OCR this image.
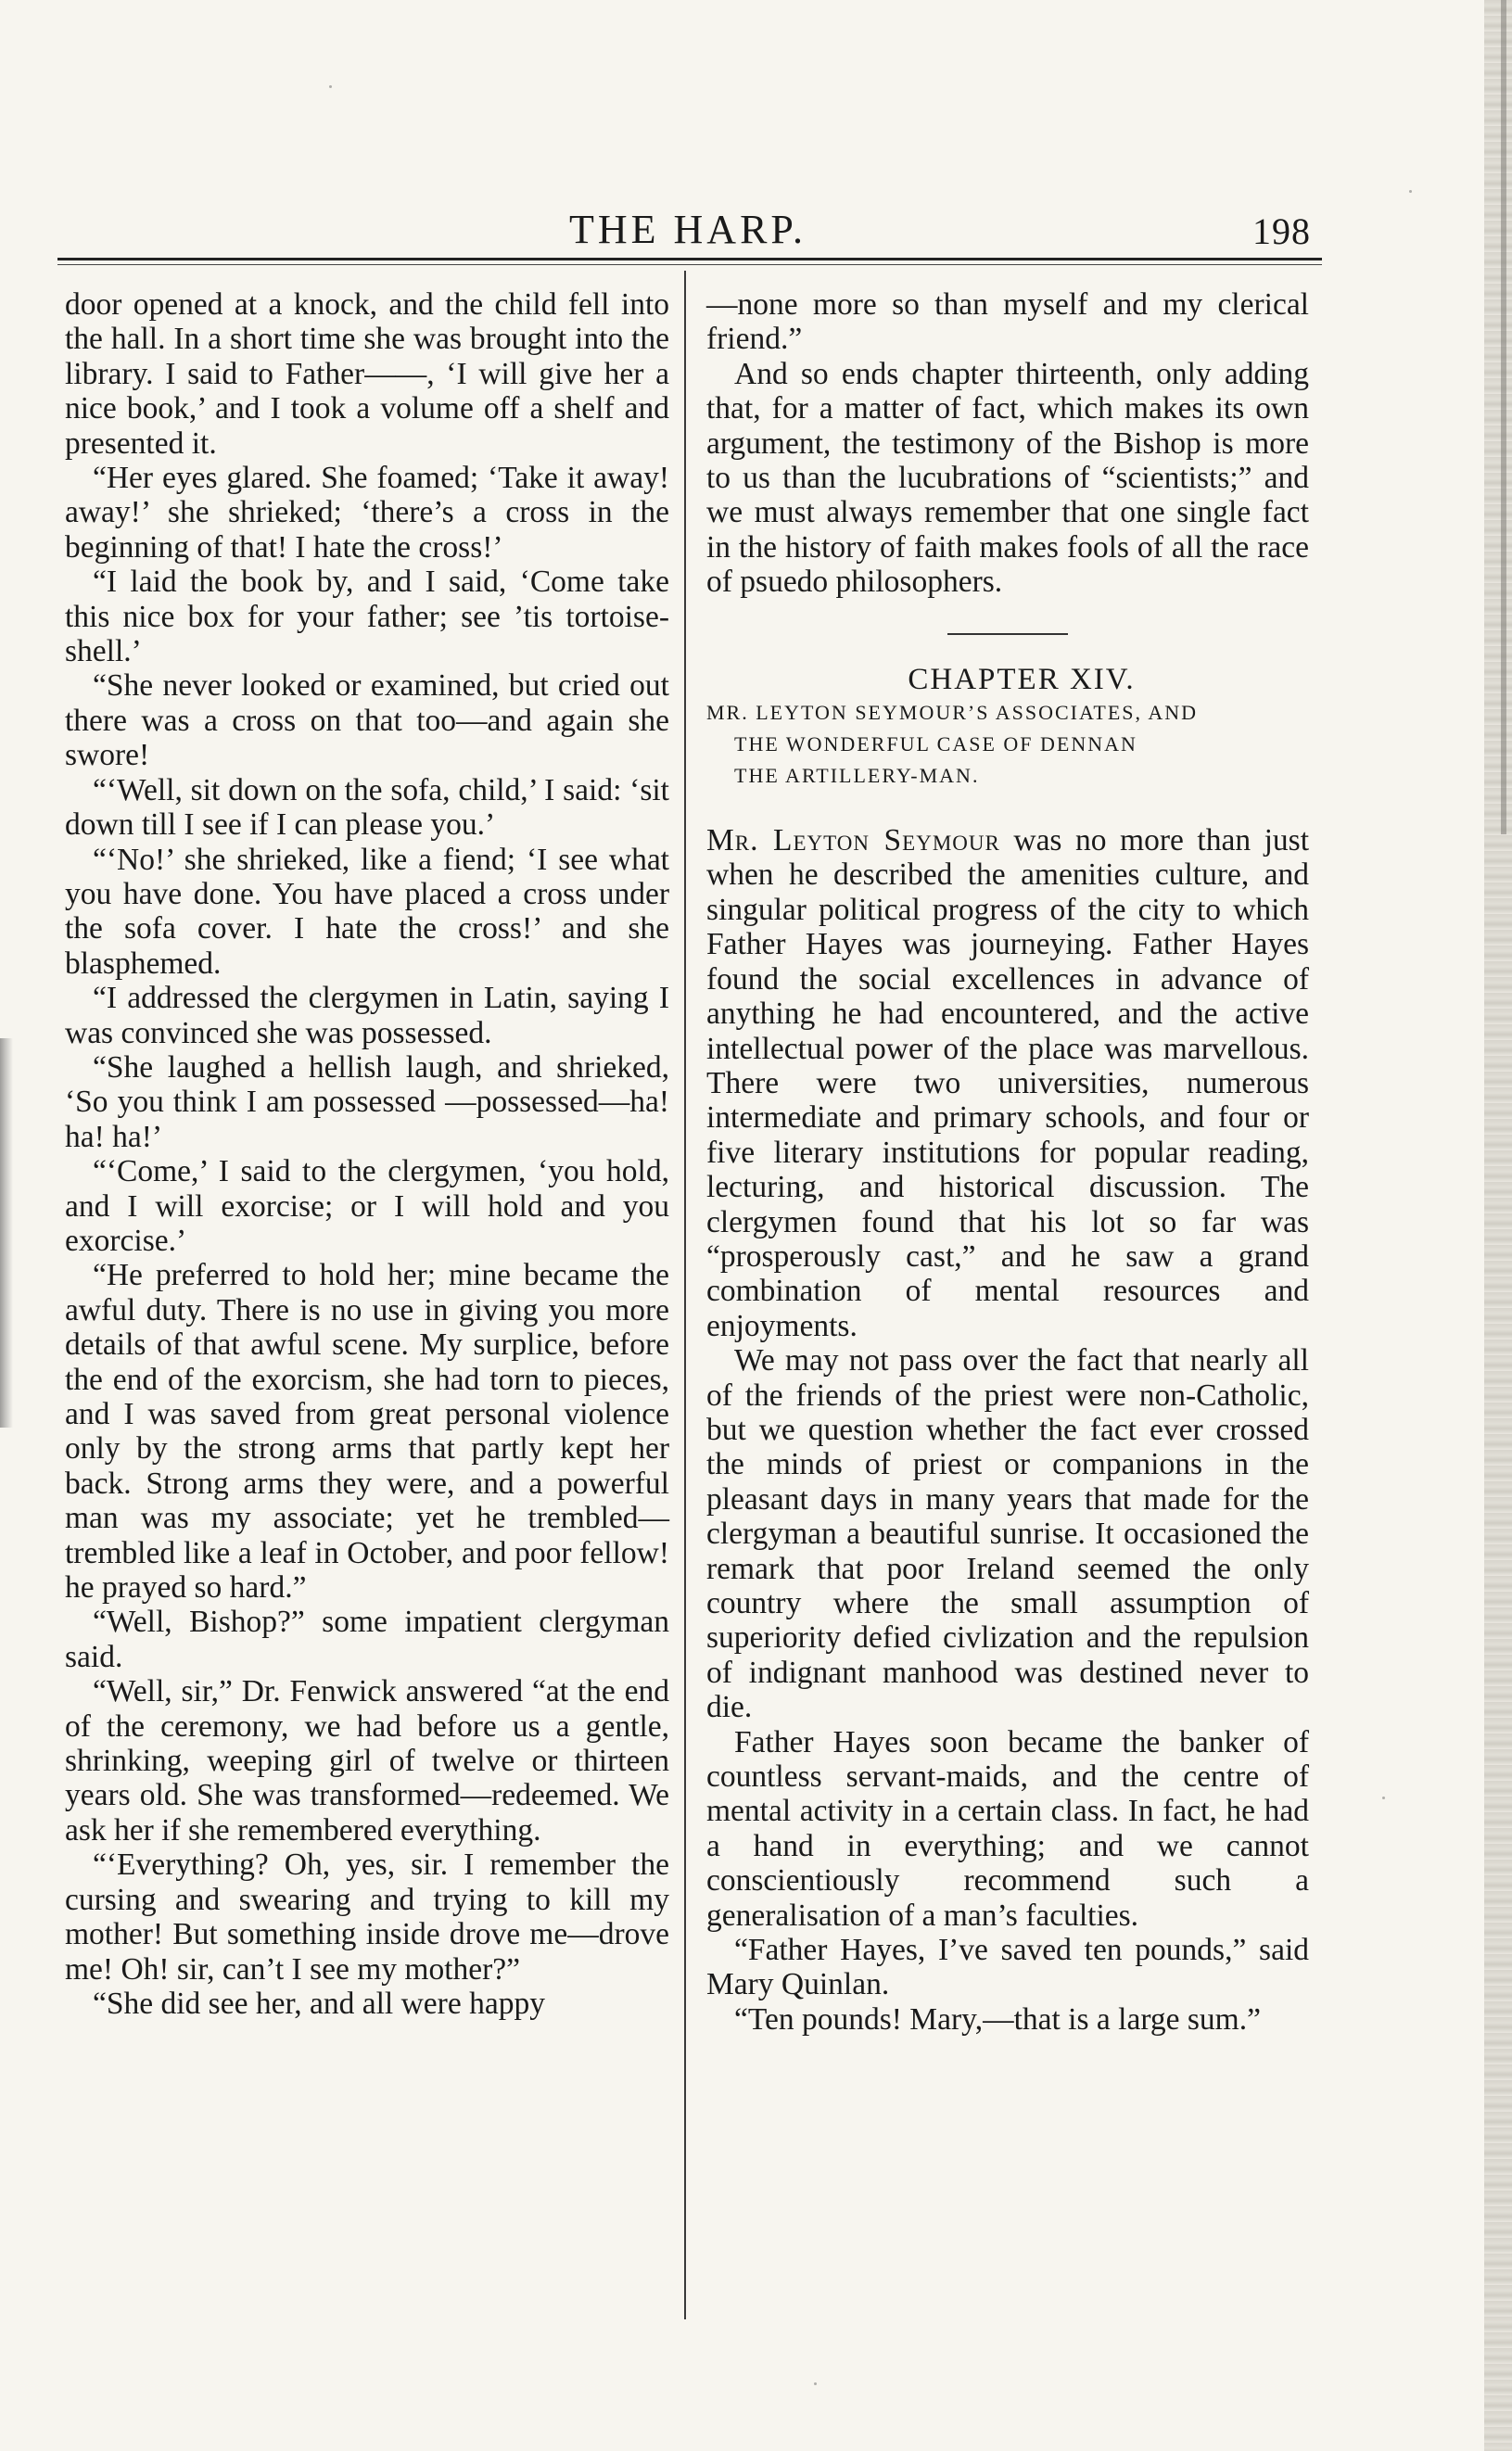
THE HARP.	198

door opened at a knock, and the child fell into the hall. In a short time she was brought into the library. I said to Father——, ‘I will give her a nice book,’ and I took a volume off a shelf and presented it.

“Her eyes glared. She foamed; ‘Take it away! away!’ she shrieked; ‘there’s a cross in the beginning of that! I hate the cross!’

“I laid the book by, and I said, ‘Come take this nice box for your father; see ’tis tortoise-shell.’

“She never looked or examined, but cried out there was a cross on that too—and again she swore!

“‘Well, sit down on the sofa, child,’ I said: ‘sit down till I see if I can please you.’

“‘No!’ she shrieked, like a fiend; ‘I see what you have done. You have placed a cross under the sofa cover. I hate the cross!’ and she blasphemed.

“I addressed the clergymen in Latin, saying I was convinced she was possessed.

“She laughed a hellish laugh, and shrieked, ‘So you think I am possessed —possessed—ha! ha! ha!’

“‘Come,’ I said to the clergymen, ‘you hold, and I will exorcise; or I will hold and you exorcise.’

“He preferred to hold her; mine became the awful duty. There is no use in giving you more details of that awful scene. My surplice, before the end of the exorcism, she had torn to pieces, and I was saved from great personal violence only by the strong arms that partly kept her back. Strong arms they were, and a powerful man was my associate; yet he trembled—trembled like a leaf in October, and poor fellow! he prayed so hard.”

“Well, Bishop?” some impatient clergyman said.

“Well, sir,” Dr. Fenwick answered “at the end of the ceremony, we had before us a gentle, shrinking, weeping girl of twelve or thirteen years old. She was transformed—redeemed. We ask her if she remembered everything.

“‘Everything? Oh, yes, sir. I remember the cursing and swearing and trying to kill my mother! But something inside drove me—drove me! Oh! sir, can’t I see my mother?”

“She did see her, and all were happy

—none more so than myself and my clerical friend.”

And so ends chapter thirteenth, only adding that, for a matter of fact, which makes its own argument, the testimony of the Bishop is more to us than the lucubrations of “scientists;” and we must always remember that one single fact in the history of faith makes fools of all the race of psuedo philosophers.

CHAPTER XIV.

MR. LEYTON SEYMOUR’S ASSOCIATES, AND
THE WONDERFUL CASE OF DENNAN
THE ARTILLERY-MAN.

Mr. Leyton Seymour was no more than just when he described the amenities culture, and singular political progress of the city to which Father Hayes was journeying. Father Hayes found the social excellences in advance of anything he had encountered, and the active intellectual power of the place was marvellous. There were two universities, numerous intermediate and primary schools, and four or five literary institutions for popular reading, lecturing, and historical discussion. The clergymen found that his lot so far was “prosperously cast,” and he saw a grand combination of mental resources and enjoyments.

We may not pass over the fact that nearly all of the friends of the priest were non-Catholic, but we question whether the fact ever crossed the minds of priest or companions in the pleasant days in many years that made for the clergyman a beautiful sunrise. It occasioned the remark that poor Ireland seemed the only country where the small assumption of superiority defied civlization and the repulsion of indignant manhood was destined never to die.

Father Hayes soon became the banker of countless servant-maids, and the centre of mental activity in a certain class. In fact, he had a hand in everything; and we cannot conscientiously recommend such a generalisation of a man’s faculties.

“Father Hayes, I’ve saved ten pounds,” said Mary Quinlan.

“Ten pounds! Mary,—that is a large sum.”
